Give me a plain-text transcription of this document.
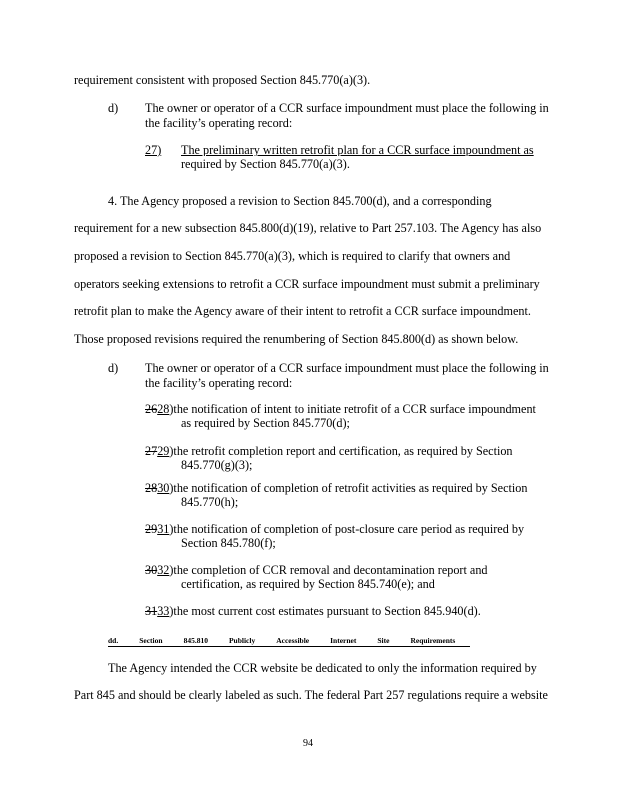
requirement consistent with proposed Section 845.770(a)(3).
d) The owner or operator of a CCR surface impoundment must place the following in
the facility’s operating record:
27) The preliminary written retrofit plan for a CCR surface impoundment as
required by Section 845.770(a)(3).
4. The Agency proposed a revision to Section 845.700(d), and a corresponding
requirement for a new subsection 845.800(d)(19), relative to Part 257.103. The Agency has also
proposed a revision to Section 845.770(a)(3), which is required to clarify that owners and
operators seeking extensions to retrofit a CCR surface impoundment must submit a preliminary
retrofit plan to make the Agency aware of their intent to retrofit a CCR surface impoundment.
Those proposed revisions required the renumbering of Section 845.800(d) as shown below.
d) The owner or operator of a CCR surface impoundment must place the following in
the facility’s operating record:
2628)the notification of intent to initiate retrofit of a CCR surface impoundment
as required by Section 845.770(d);
2729)the retrofit completion report and certification, as required by Section
845.770(g)(3);
2830)the notification of completion of retrofit activities as required by Section
845.770(h);
2931)the notification of completion of post-closure care period as required by
Section 845.780(f);
3032)the completion of CCR removal and decontamination report and
certification, as required by Section 845.740(e); and
3133)the most current cost estimates pursuant to Section 845.940(d).
dd.	Section	845.810	Publicly	Accessible	Internet	Site	Requirements
The Agency intended the CCR website be dedicated to only the information required by
Part 845 and should be clearly labeled as such. The federal Part 257 regulations require a website
94
